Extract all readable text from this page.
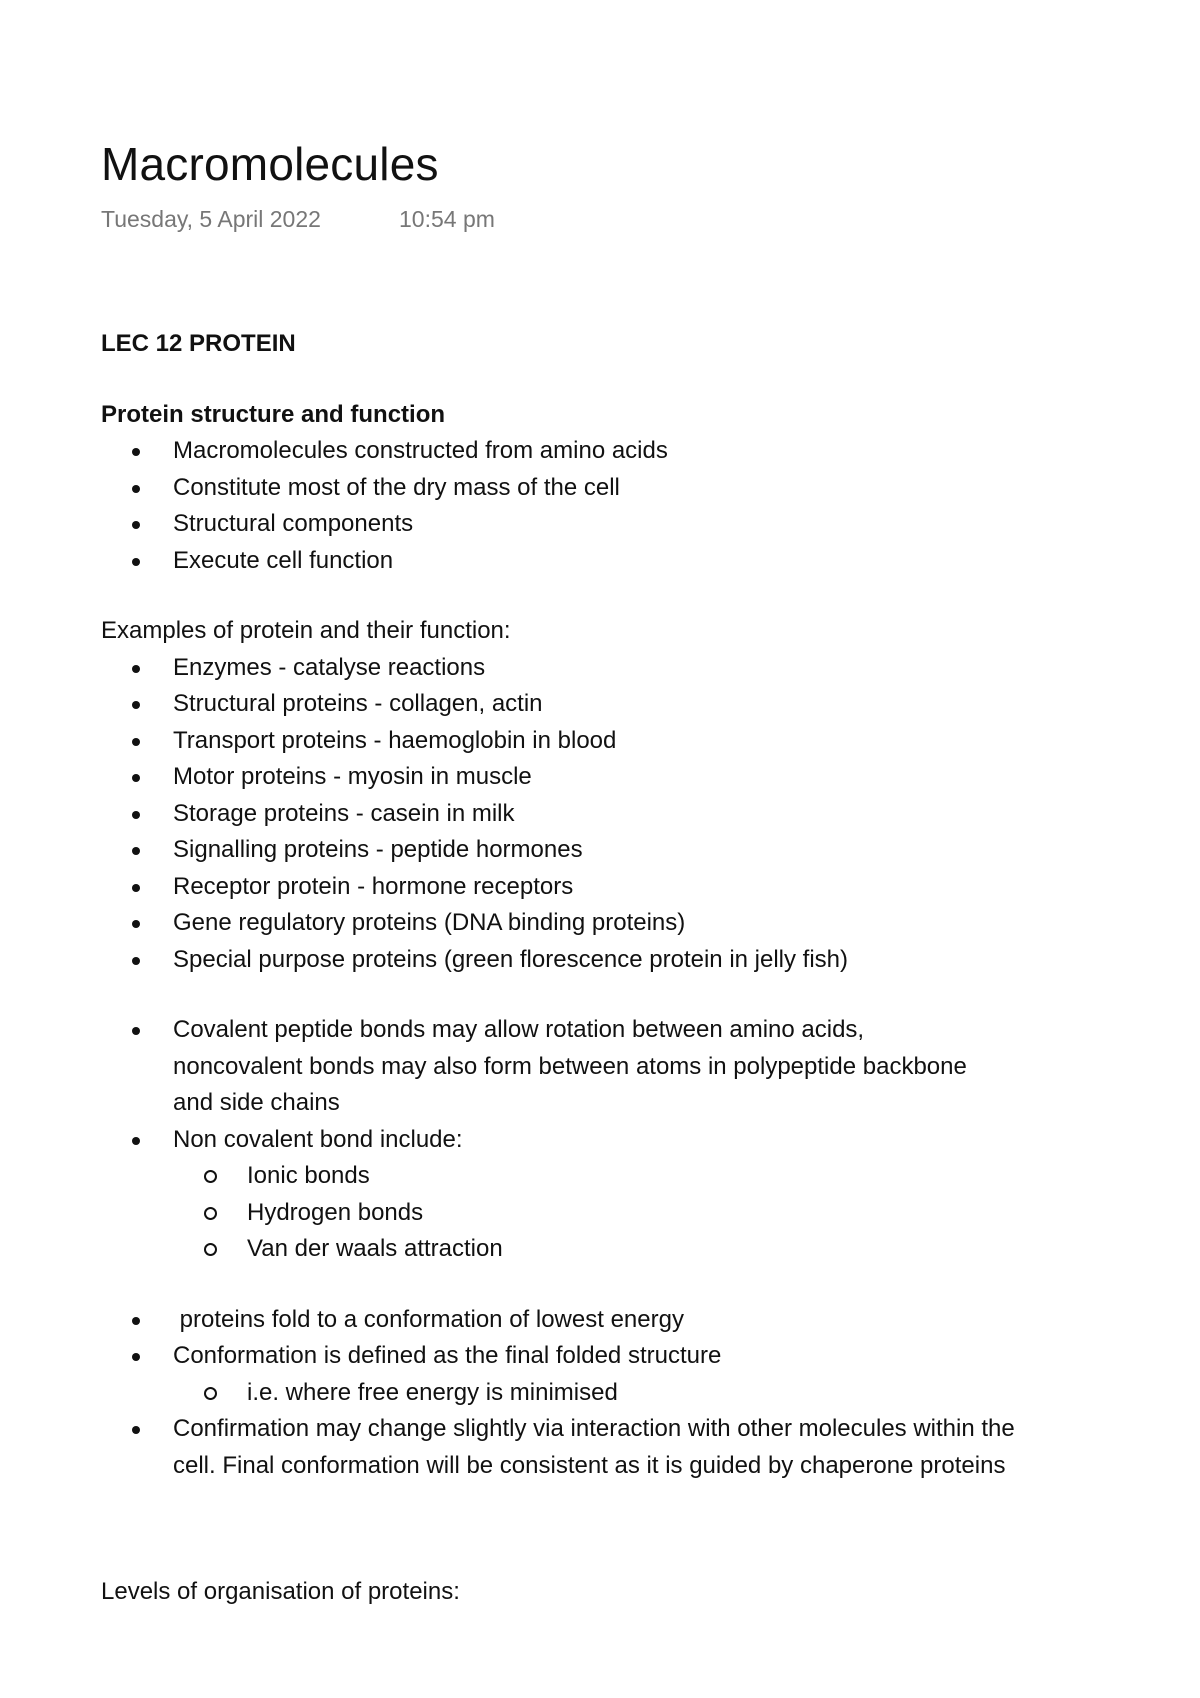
Macromolecules
Tuesday, 5 April 2022	10:54 pm

LEC 12 PROTEIN

Protein structure and function

Macromolecules constructed from amino acids
Constitute most of the dry mass of the cell
Structural components
Execute cell function

Examples of protein and their function:

Enzymes - catalyse reactions
Structural proteins - collagen, actin
Transport proteins - haemoglobin in blood
Motor proteins - myosin in muscle
Storage proteins - casein in milk
Signalling proteins - peptide hormones
Receptor protein - hormone receptors
Gene regulatory proteins (DNA binding proteins)
Special purpose proteins (green florescence protein in jelly fish)
Covalent peptide bonds may allow rotation between amino acids, noncovalent bonds may also form between atoms in polypeptide backbone and side chains
Non covalent bond include:
Ionic bonds
Hydrogen bonds
Van der waals attraction
proteins fold to a conformation of lowest energy
Conformation is defined as the final folded structure
i.e. where free energy is minimised
Confirmation may change slightly via interaction with other molecules within the cell. Final conformation will be consistent as it is guided by chaperone proteins
Levels of organisation of proteins:
